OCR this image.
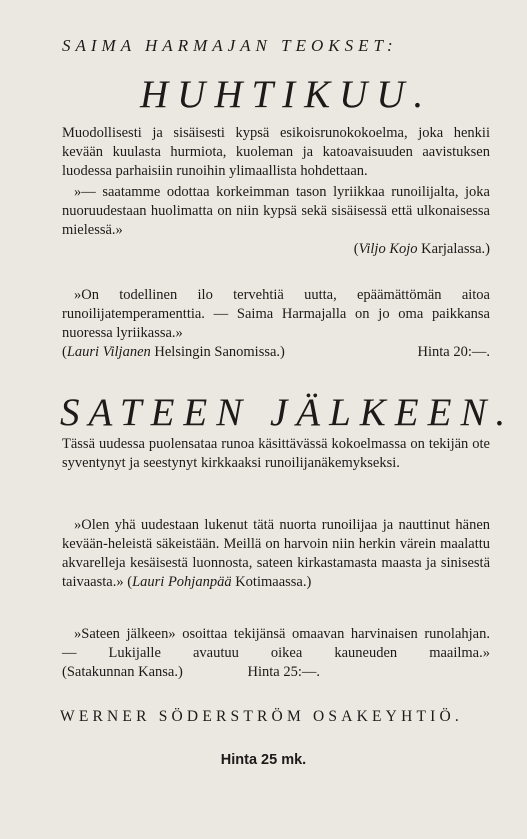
SAIMA HARMAJAN TEOKSET:
HUHTIKUU.
Muodollisesti ja sisäisesti kypsä esikoisrunokokoelma, joka henkii kevään kuulasta hurmiota, kuoleman ja katoavaisuuden aavistuksen luodessa parhaisiin runoihin ylimaallista hohdettaan.
»— saatamme odottaa korkeimman tason lyriikkaa runoilijalta, joka nuoruudestaan huolimatta on niin kypsä sekä sisäisessä että ulkonaisessa mielessä.»
(Viljo Kojo Karjalassa.)
»On todellinen ilo tervehtiä uutta, epäämättömän aitoa runoilijatemperamenttia. — Saima Harmajalla on jo oma paikkansa nuoressa lyriikassa.»
(Lauri Viljanen Helsingin Sanomissa.)	Hinta 20:—.
SATEEN JÄLKEEN.
Tässä uudessa puolensataa runoa käsittävässä kokoelmassa on tekijän ote syventynyt ja seestynyt kirkkaaksi runoilijanäkemykseksi.
»Olen yhä uudestaan lukenut tätä nuorta runoilijaa ja nauttinut hänen kevään-heleistä säkeistään. Meillä on harvoin niin herkin värein maalattu akvarelleja kesäisestä luonnosta, sateen kirkastamasta maasta ja sinisestä taivaasta.» (Lauri Pohjanpää Kotimaassa.)
»Sateen jälkeen» osoittaa tekijänsä omaavan harvinaisen runolahjan. — Lukijalle avautuu oikea kauneuden maailma.»
(Satakunnan Kansa.)	Hinta 25:—.
WERNER SÖDERSTRÖM OSAKEYHTIÖ.
Hinta 25 mk.
